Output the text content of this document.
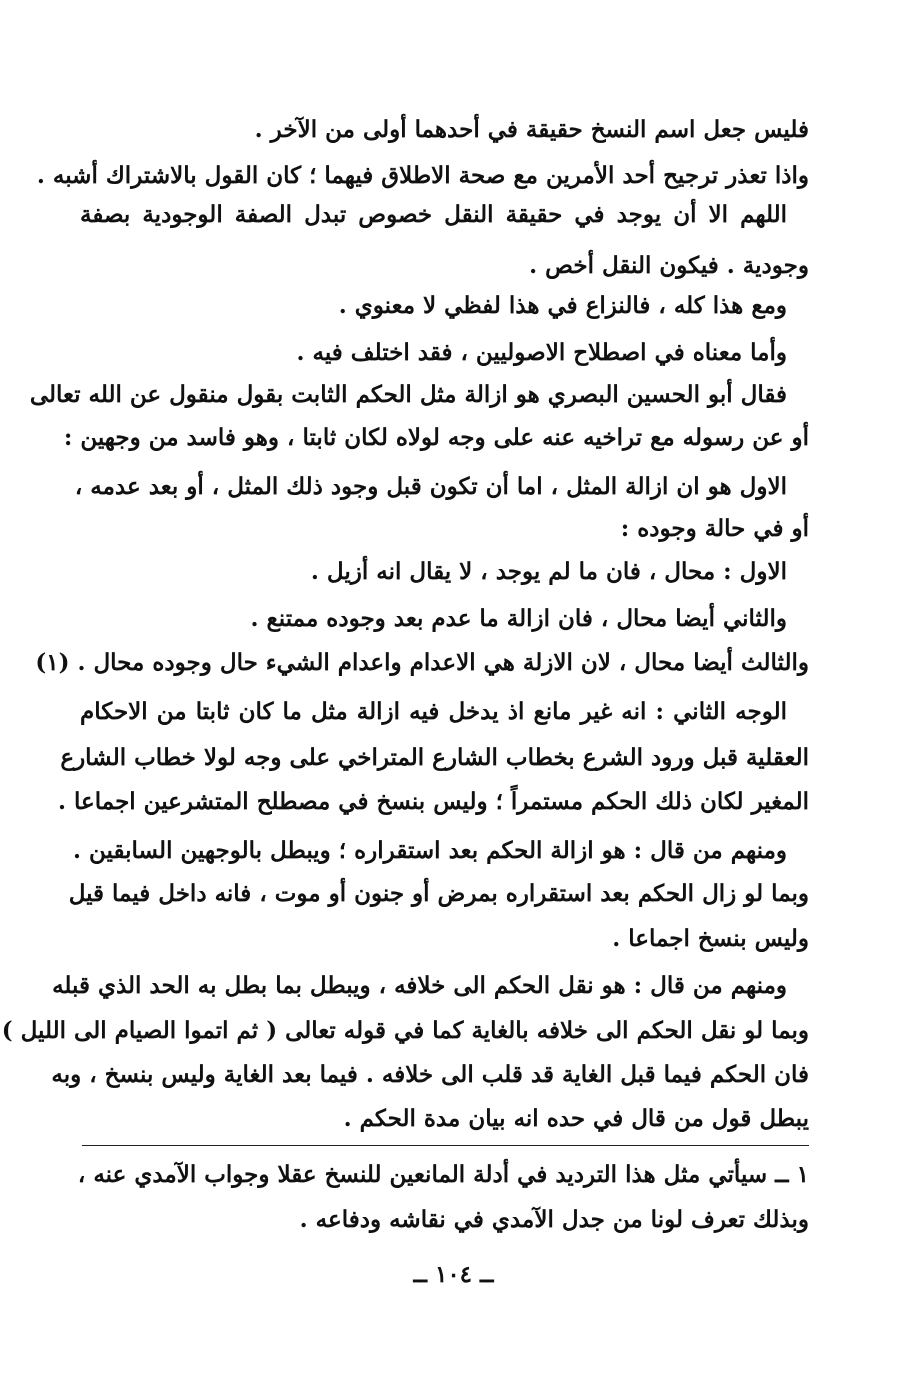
فليس جعل اسم النسخ حقيقة في أحدهما أولى من الآخر .
واذا تعذر ترجيح أحد الأمرين مع صحة الاطلاق فيهما ؛ كان القول بالاشتراك أشبه .
اللهم الا أن يوجد في حقيقة النقل خصوص تبدل الصفة الوجودية بصفة
وجودية . فيكون النقل أخص .
ومع هذا كله ، فالنزاع في هذا لفظي لا معنوي .
وأما معناه في اصطلاح الاصوليين ، فقد اختلف فيه .
فقال أبو الحسين البصري هو ازالة مثل الحكم الثابت بقول منقول عن الله تعالى
أو عن رسوله مع تراخيه عنه على وجه لولاه لكان ثابتا ، وهو فاسد من وجهين :
الاول هو ان ازالة المثل ، اما أن تكون قبل وجود ذلك المثل ، أو بعد عدمه ،
أو في حالة وجوده :
الاول : محال ، فان ما لم يوجد ، لا يقال انه أزيل .
والثاني أيضا محال ، فان ازالة ما عدم بعد وجوده ممتنع .
والثالث أيضا محال ، لان الازلة هي الاعدام واعدام الشيء حال وجوده محال . (١)
الوجه الثاني : انه غير مانع اذ يدخل فيه ازالة مثل ما كان ثابتا من الاحكام
العقلية قبل ورود الشرع بخطاب الشارع المتراخي على وجه لولا خطاب الشارع
المغير لكان ذلك الحكم مستمراً ؛ وليس بنسخ في مصطلح المتشرعين اجماعا .
ومنهم من قال : هو ازالة الحكم بعد استقراره ؛ ويبطل بالوجهين السابقين .
وبما لو زال الحكم بعد استقراره بمرض أو جنون أو موت ، فانه داخل فيما قيل
وليس بنسخ اجماعا .
ومنهم من قال : هو نقل الحكم الى خلافه ، ويبطل بما بطل به الحد الذي قبله
وبما لو نقل الحكم الى خلافه بالغاية كما في قوله تعالى ( ثم اتموا الصيام الى الليل )
فان الحكم فيما قبل الغاية قد قلب الى خلافه . فيما بعد الغاية وليس بنسخ ، وبه
يبطل قول من قال في حده انه بيان مدة الحكم .
١ ــ سيأتي مثل هذا الترديد في أدلة المانعين للنسخ عقلا وجواب الآمدي عنه ،
وبذلك تعرف لونا من جدل الآمدي في نقاشه ودفاعه .
ــ ١٠٤ ــ
